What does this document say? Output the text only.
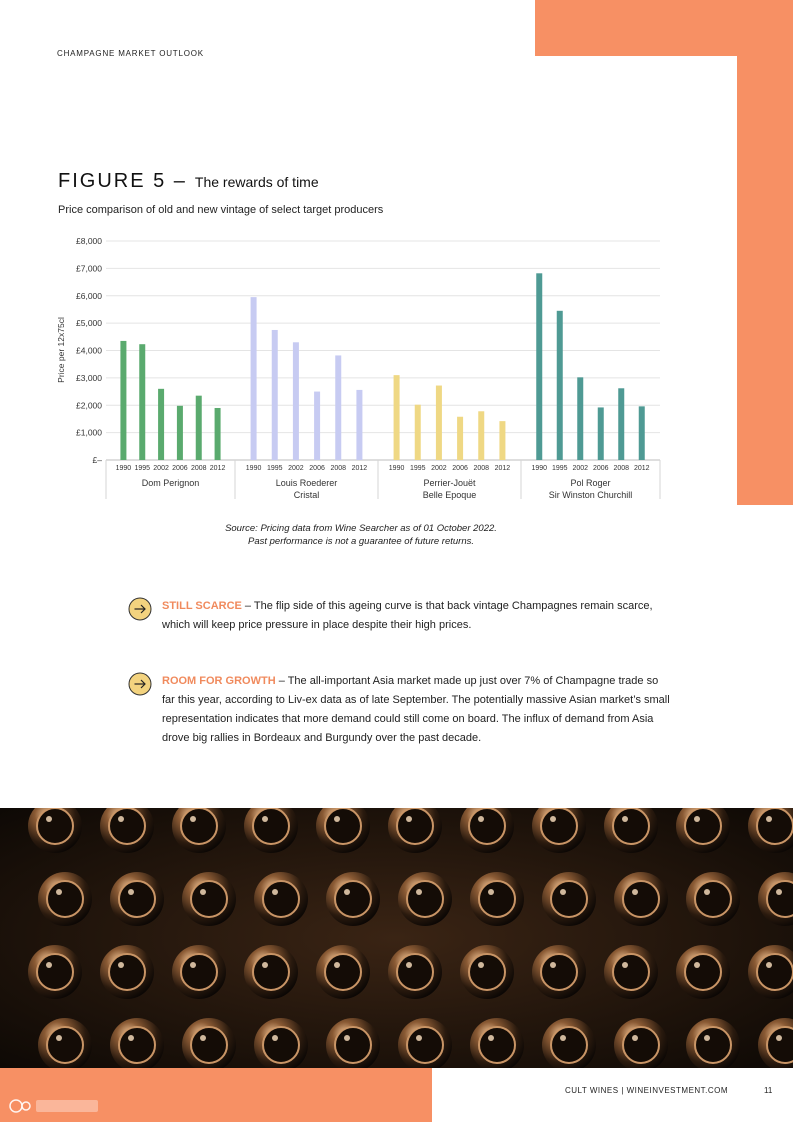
CHAMPAGNE MARKET OUTLOOK
FIGURE 5 – The rewards of time
Price comparison of old and new vintage of select target producers
£–
£1,000
£2,000
£3,000
£4,000
£5,000
£6,000
£7,000
£8,000
Price per 12x75cl
1990 1995 2002 2006 2008 2012
Dom Perignon
1990 1995 2002 2006 2008 2012
Louis Roederer
Cristal
1990 1995 2002 2006 2008 2012
Perrier-Jouët
Belle Epoque
1990 1995 2002 2006 2008 2012
Pol Roger
Sir Winston Churchill
Source: Pricing data from Wine Searcher as of 01 October 2022.
Past performance is not a guarantee of future returns.

STILL SCARCE – The flip side of this ageing curve is that back vintage Champagnes remain scarce, which will keep price pressure in place despite their high prices.

ROOM FOR GROWTH – The all-important Asia market made up just over 7% of Champagne trade so far this year, according to Liv-ex data as of late September. The potentially massive Asian market’s small representation indicates that more demand could still come on board. The influx of demand from Asia drove big rallies in Bordeaux and Burgundy over the past decade.

CULT WINES | WINEINVESTMENT.COM	11
